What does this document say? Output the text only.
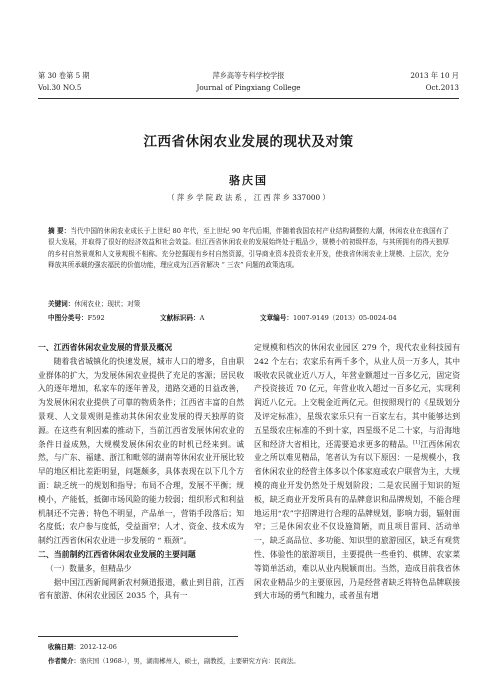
第 30 卷第 5 期
Vol.30 NO.5
萍乡高等专科学校学报
Journal of Pingxiang College
2013 年 10 月
Oct.2013
江西省休闲农业发展的现状及对策
骆庆国
（ 萍 乡 学 院 政 法 系 ， 江 西 萍 乡 337000 ）
摘 要：当代中国的休闲农业成长于上世纪 80 年代，至上世纪 90 年代后期，伴随着我国农村产业结构调整的大潮，休闲农业在我国有了很大发展，并取得了很好的经济效益和社会效益。但江西省休闲农业的发展始终处于粗品少，规模小的初级样态，与其所拥有的得天独厚的乡村自然景观和人文景观极不相称。充分挖掘现有乡村自然资源，引导商业资本投资农业开发，使我省休闲农业上规模、上层次，充分释放其所承载的强农福民的价值功能，理应成为江西省解决 “ 三农” 问题的政策选项。
关键词：休闲农业；现状；对策
中图分类号：F592	文献标识码：A	文章编号：1007-9149（2013）05-0024-04
一、江西省休闲农业发展的背景及概况

随着我省城镇化的快速发展，城市人口的增多，自由职业群体的扩大，为发展休闲农业提供了充足的客源；居民收入的逐年增加，私家车的逐年普及，道路交通的日益改善，为发展休闲农业提供了可靠的物质条件；江西省丰富的自然景观、人文景观则是推动其休闲农业发展的得天独厚的资源。在这些有利因素的推动下，当前江西省发展休闲农业的条件日益成熟，大规模发展休闲农业的时机已经来到。诚然，与广东、福建、浙江和毗邻的湖南等休闲农业开展比较早的地区相比差距明显，问题颇多，具体表现在以下几个方面：缺乏统一的规划和指导；布局不合理，发展不平衡；规模小，产能低，抵御市场风险的能力较弱；组织形式和利益机制还不完善；特色不明显，产品单一，营销手段落后；知名度低；农户参与度低，受益面窄；人才、资金、技术成为制约江西省休闲农业进一步发展的 “ 瓶颈”。

二、当前制约江西省休闲农业发展的主要问题
（一）数量多，但精品少

据中国江西新闻网新农村频道报道，截止到目前，江西省有旅游、休闲农业园区 2035 个，具有一

定规模和档次的休闲农业园区 279 个，现代农业科技园有 242 个左右；农家乐有两千多个，从业人员一万多人，其中吸收农民就业近八万人，年营业额超过一百多亿元，固定资产投资接近 70 亿元，年营业收入超过一百多亿元，实现利润近八亿元。上交税金近两亿元。但按照现行的《星级划分及评定标准》，星级农家乐只有一百家左右，其中能够达到五星级农庄标准的不到十家，四星级不足二十家，与沿海地区和经济大省相比，还需要追求更多的精品。[1]江西休闲农业之所以难见精品，笔者认为有以下原因：一是规模小，我省休闲农业的经营主体多以个体家庭或农户联营为主，大规模的商业开发仍然处于规划阶段；二是农民囿于知识的短板，缺乏商业开发所具有的品牌意识和品牌规划，不能合理地运用“农”字招牌进行合理的品牌规划，影响力弱，辐射面窄；三是休闲农业不仅设施简陋，而且项目雷同、活动单一，缺乏高品位、多功能、知识型的旅游园区，缺乏有观赏性、体验性的旅游项目，主要提供一些垂钓、棋牌、农家菜等简单活动，难以从业内脱颖而出。当然，造成目前我省休闲农业精品少的主要原因，乃是经营者缺乏将特色品牌联接到大市场的勇气和魄力，或者虽有增

收稿日期：2012-12-06
作者简介：骆庆国（1968-），男，湖南郴州人，硕士，副教授，主要研究方向：民商法。
